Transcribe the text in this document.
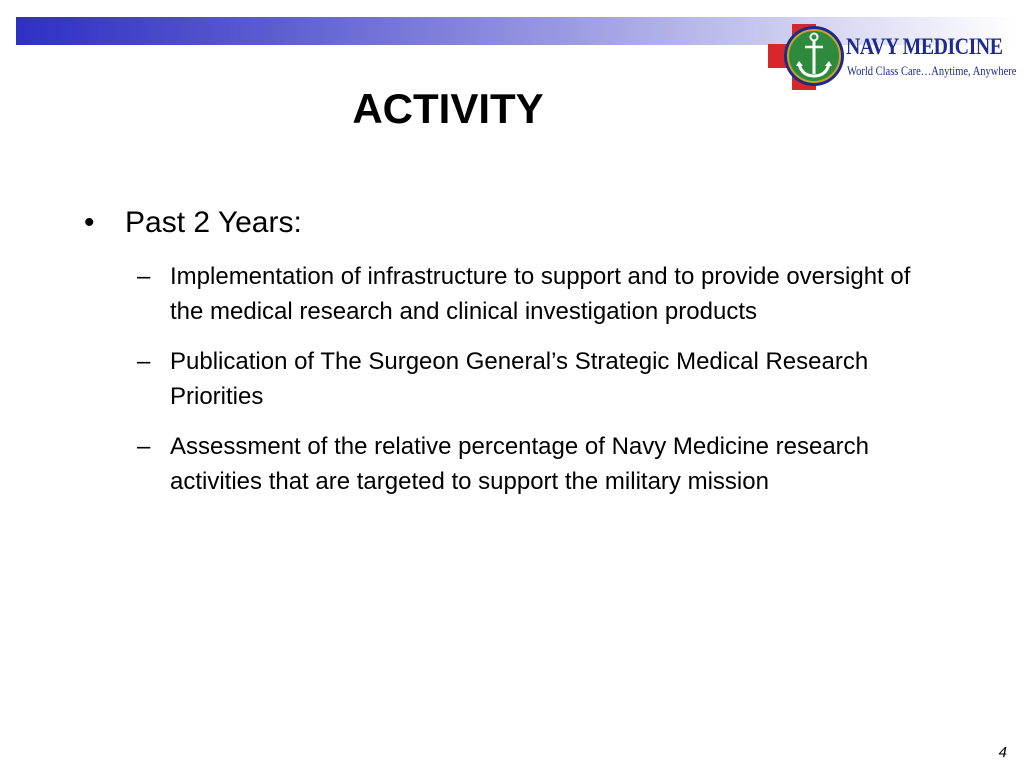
NAVY MEDICINE
World Class Care…Anytime, Anywhere
ACTIVITY
• Past 2 Years:
– Implementation of infrastructure to support and to provide oversight of the medical research and clinical investigation products
– Publication of The Surgeon General’s Strategic Medical Research Priorities
– Assessment of the relative percentage of Navy Medicine research activities that are targeted to support the military mission
4
